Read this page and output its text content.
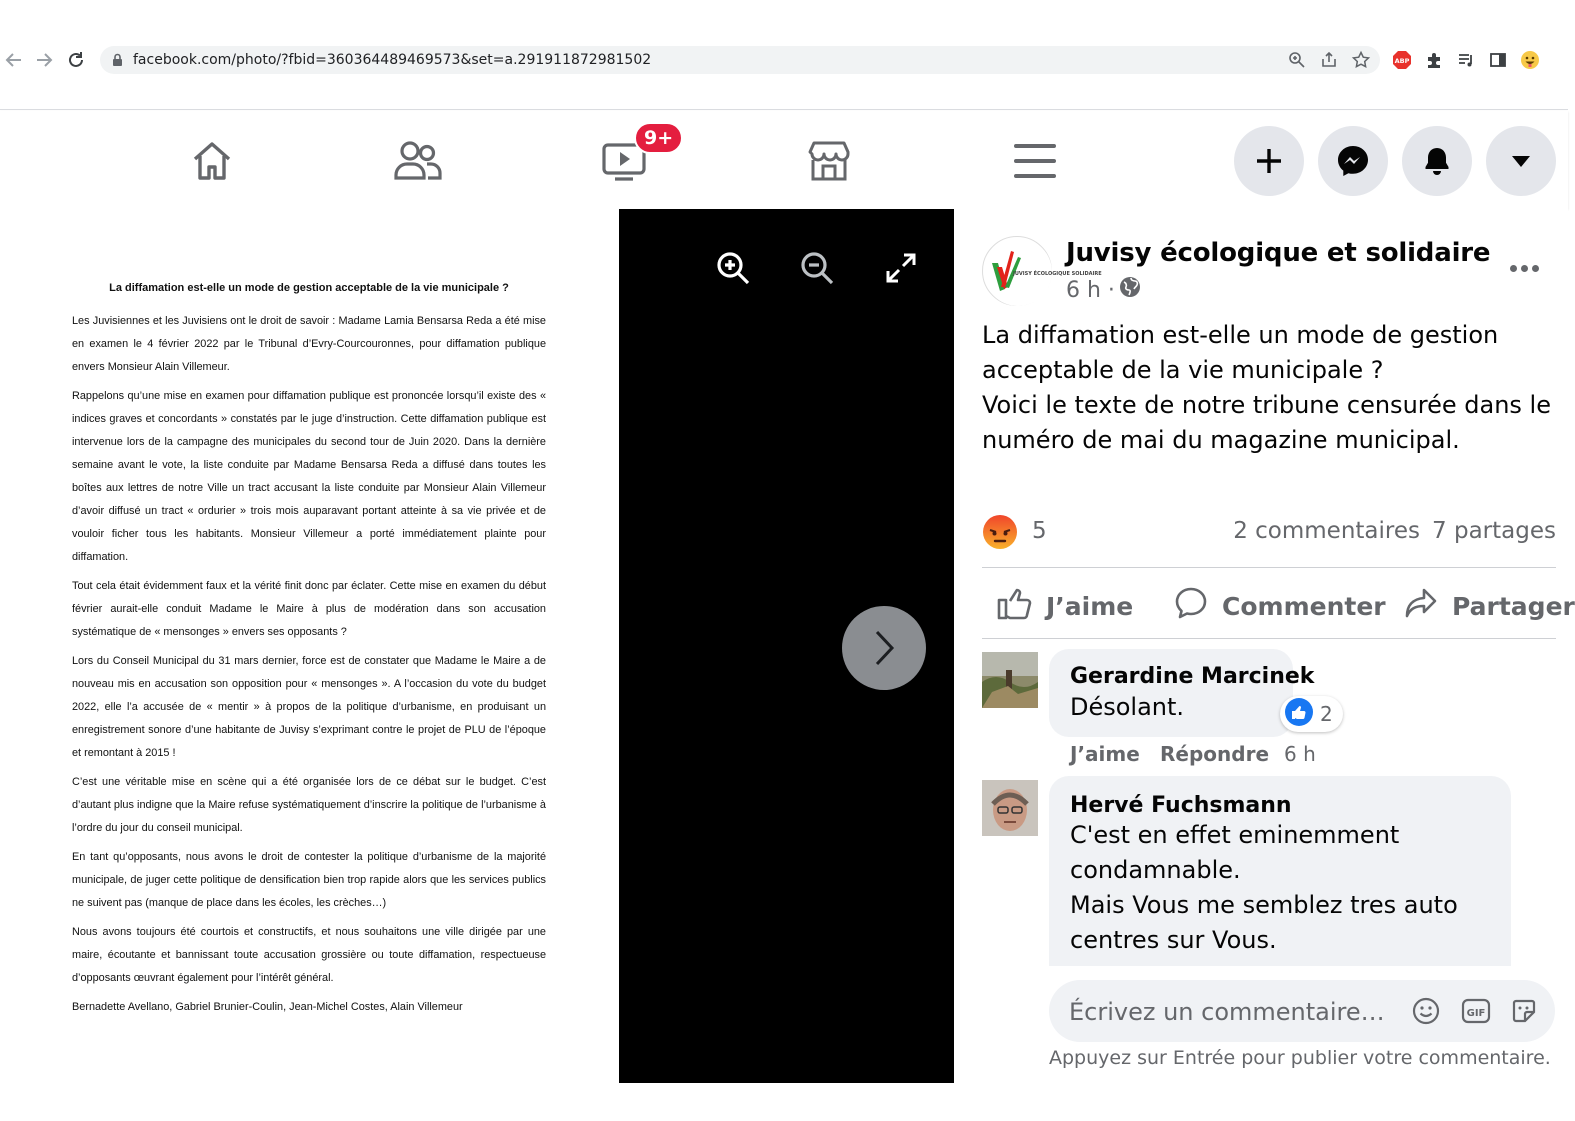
facebook.com/photo/?fbid=360364489469573&set=a.291911872981502	ABP
9+
La diffamation est-elle un mode de gestion acceptable de la vie municipale ?

Les Juvisiennes et les Juvisiens ont le droit de savoir : Madame Lamia Bensarsa Reda a été mise en examen le 4 février 2022 par le Tribunal d’Evry-Courcouronnes, pour diffamation publique envers Monsieur Alain Villemeur.

Rappelons qu’une mise en examen pour diffamation publique est prononcée lorsqu’il existe des « indices graves et concordants » constatés par le juge d’instruction. Cette diffamation publique est intervenue lors de la campagne des municipales du second tour de Juin 2020. Dans la dernière semaine avant le vote, la liste conduite par Madame Bensarsa Reda a diffusé dans toutes les boîtes aux lettres de notre Ville un tract accusant la liste conduite par Monsieur Alain Villemeur d’avoir diffusé un tract « ordurier » trois mois auparavant portant atteinte à sa vie privée et de vouloir ficher tous les habitants. Monsieur Villemeur a porté immédiatement plainte pour diffamation.

Tout cela était évidemment faux et la vérité finit donc par éclater. Cette mise en examen du début février aurait-elle conduit Madame le Maire à plus de modération dans son accusation systématique de « mensonges » envers ses opposants ?

Lors du Conseil Municipal du 31 mars dernier, force est de constater que Madame le Maire a de nouveau mis en accusation son opposition pour « mensonges ». A l’occasion du vote du budget 2022, elle l’a accusée de « mentir » à propos de la politique d’urbanisme, en produisant un enregistrement sonore d’une habitante de Juvisy s’exprimant contre le projet de PLU de l’époque et remontant à 2015 !

C’est une véritable mise en scène qui a été organisée lors de ce débat sur le budget. C’est d’autant plus indigne que la Maire refuse systématiquement d’inscrire la politique de l’urbanisme à l’ordre du jour du conseil municipal.

En tant qu’opposants, nous avons le droit de contester la politique d’urbanisme de la majorité municipale, de juger cette politique de densification bien trop rapide alors que les services publics ne suivent pas (manque de place dans les écoles, les crèches…)

Nous avons toujours été courtois et constructifs, et nous souhaitons une ville dirigée par une maire, écoutante et bannissant toute accusation grossière ou toute diffamation, respectueuse d’opposants œuvrant également pour l’intérêt général.

Bernadette Avellano, Gabriel Brunier-Coulin, Jean-Michel Costes, Alain Villemeur

JUVISY ÉCOLOGIQUE SOLIDAIRE
Juvisy écologique et solidaire
6 h ·
La diffamation est-elle un mode de gestion
acceptable de la vie municipale ?
Voici le texte de notre tribune censurée dans le
numéro de mai du magazine municipal.
5	2 commentaires 7 partages
J’aime	Commenter	Partager
Gerardine Marcinek
Désolant.	2
J’aime Répondre 6 h
Hervé Fuchsmann
C'est en effet eminemment
condamnable.
Mais Vous me semblez tres auto
centres sur Vous.
Écrivez un commentaire…	GIF
Appuyez sur Entrée pour publier votre commentaire.
